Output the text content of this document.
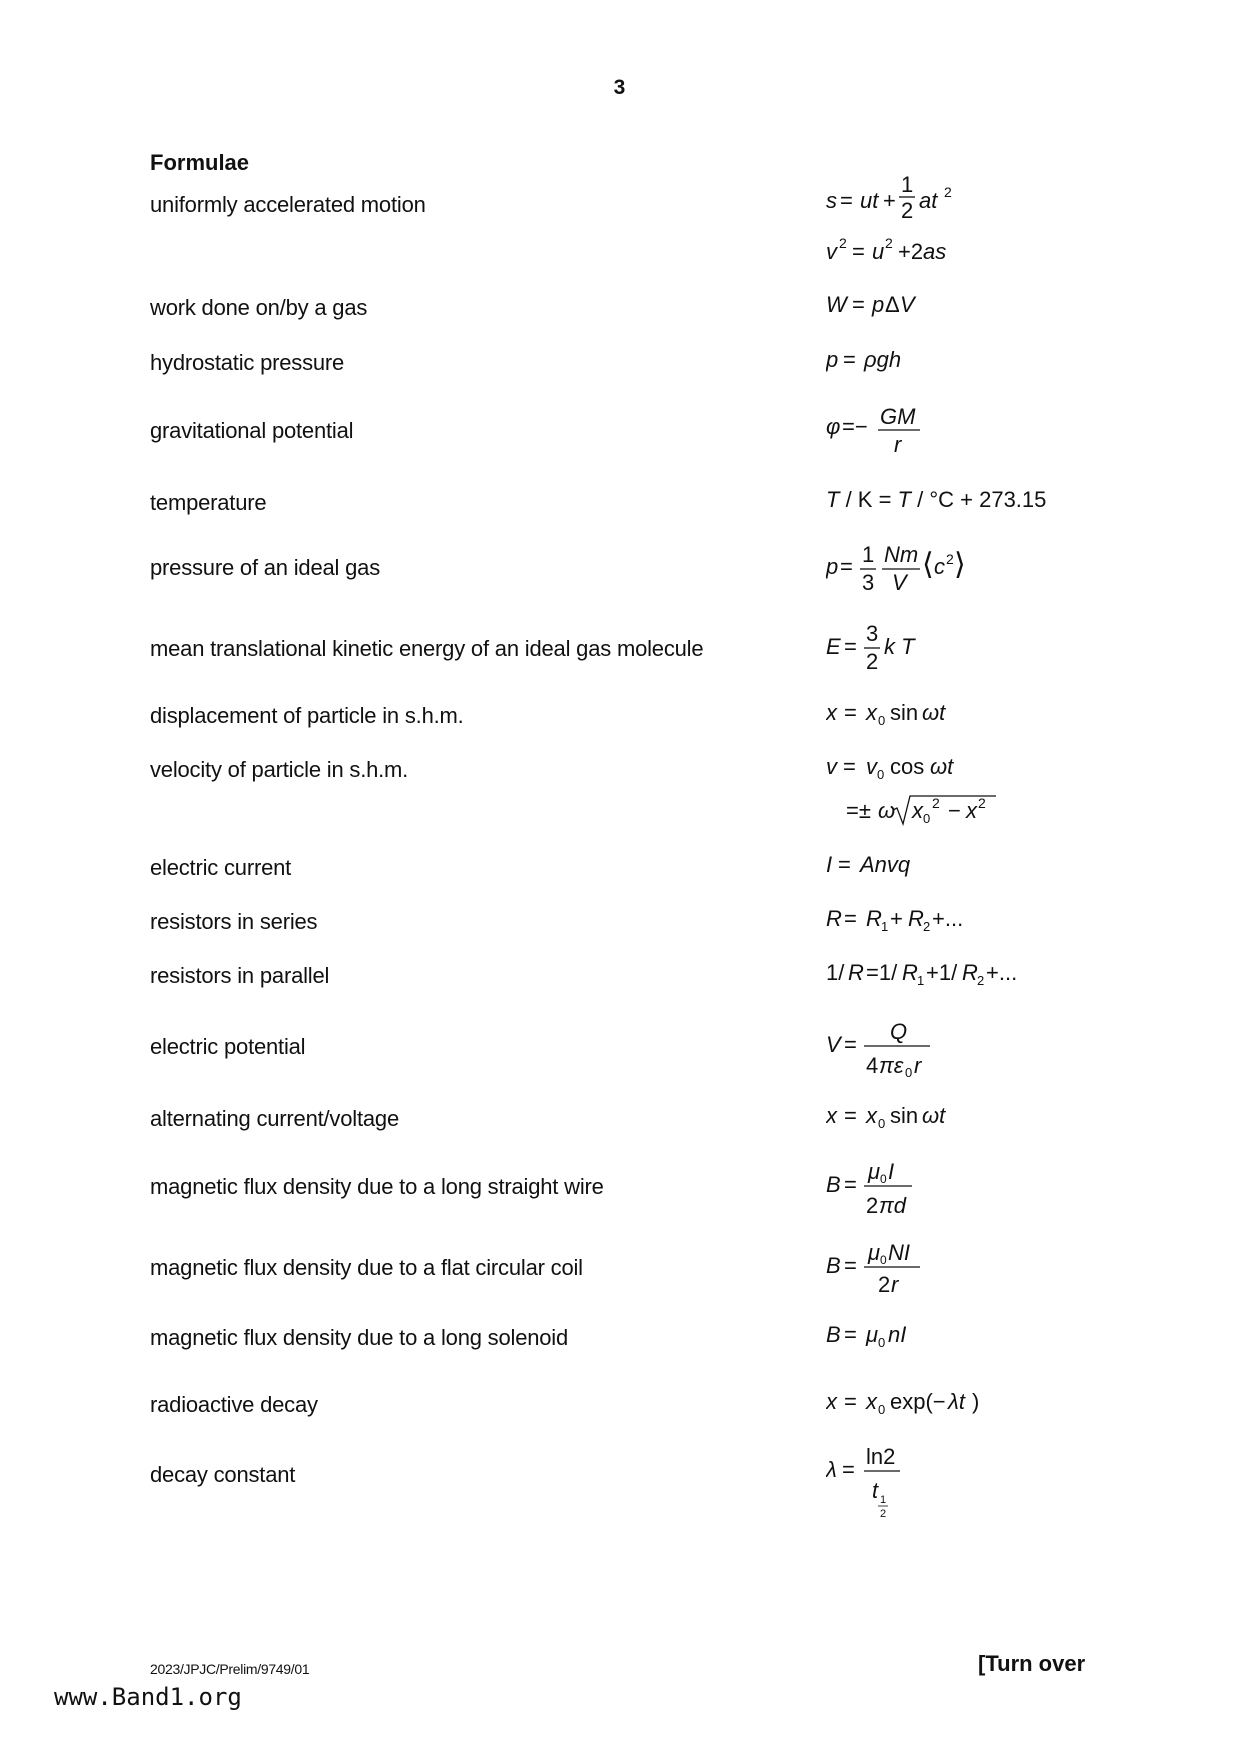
3
Formulae
uniformly accelerated motion
work done on/by a gas
hydrostatic pressure
gravitational potential
temperature
pressure of an ideal gas
mean translational kinetic energy of an ideal gas molecule
displacement of particle in s.h.m.
velocity of particle in s.h.m.
electric current
resistors in series
resistors in parallel
electric potential
alternating current/voltage
magnetic flux density due to a long straight wire
magnetic flux density due to a flat circular coil
magnetic flux density due to a long solenoid
radioactive decay
decay constant
s = ut +
1
2 at 2
v 2 = u 2 +2 as
W = p Δ V
p = ρgh
φ =− GM
r
T / K = T / °C + 273.15
p = 1
3
Nm
V
⟨ c 2 ⟩
E =
3
2
k T
x = x 0 sin ωt
v = v 0 cos ωt
=± ω x 0
2 − x 2
I = Anvq
R = R 1 + R 2 +...
1/ R =1/ R 1 +1/ R 2 +...
V =
Q
4 πε 0 r
x = x 0 sin ωt
B =
μ 0 I
2 πd
B =
μ 0 NI
2 r
B = μ 0 nI
x = x 0 exp(− λt )
λ =
ln2
t 1
2
2023/JPJC/Prelim/9749/01	[Turn over
www.Band1.org
